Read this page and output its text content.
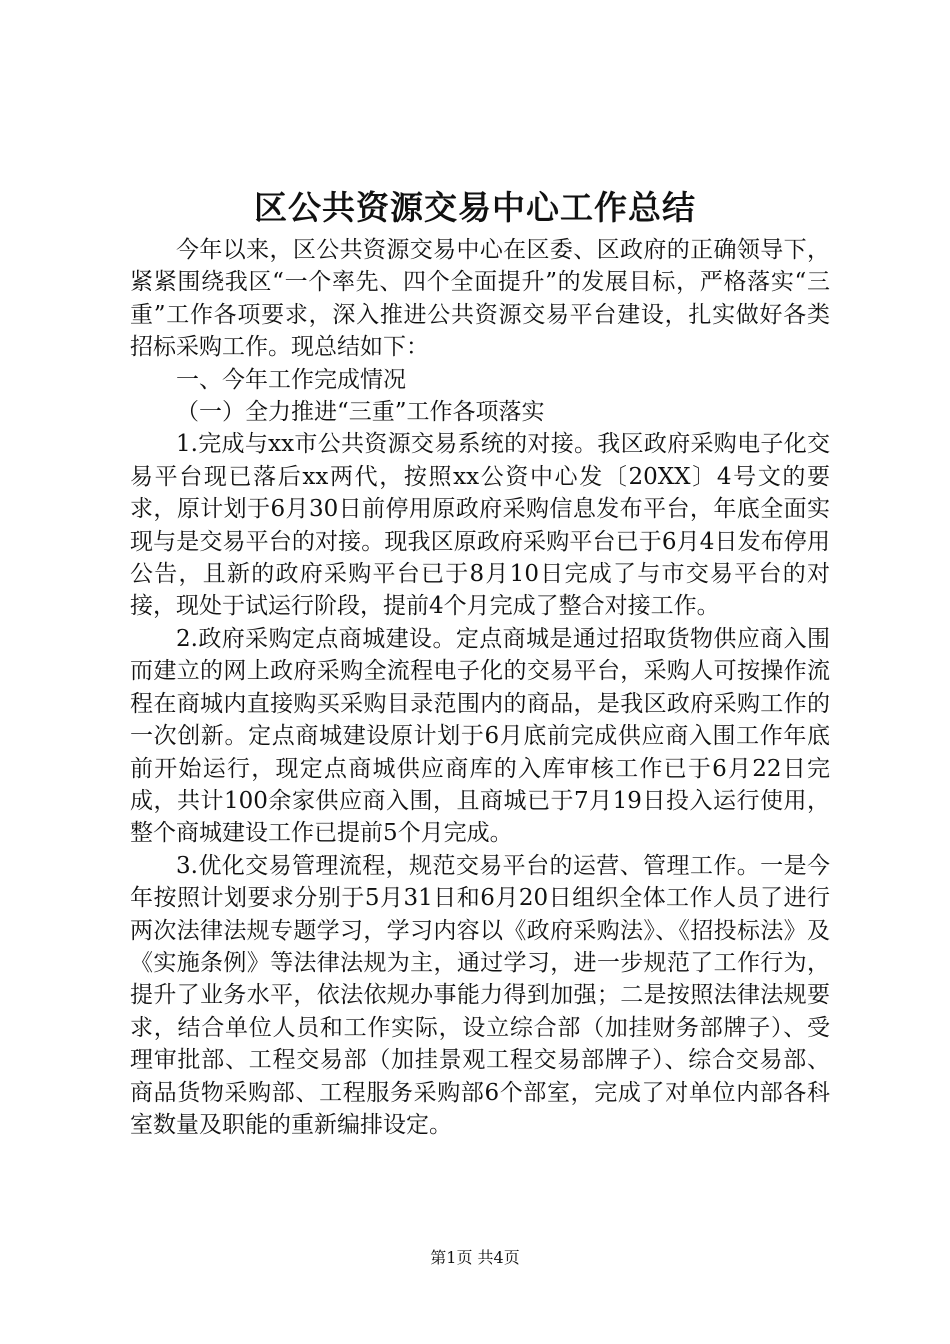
区公共资源交易中心工作总结

今年以来，区公共资源交易中心在区委、区政府的正确领导下，紧紧围绕我区“一个率先、四个全面提升”的发展目标，严格落实“三重”工作各项要求，深入推进公共资源交易平台建设，扎实做好各类招标采购工作。现总结如下：

一、今年工作完成情况

（一）全力推进“三重”工作各项落实

1.完成与xx市公共资源交易系统的对接。我区政府采购电子化交易平台现已落后xx两代，按照xx公资中心发〔20XX〕4号文的要求，原计划于6月30日前停用原政府采购信息发布平台，年底全面实现与是交易平台的对接。现我区原政府采购平台已于6月4日发布停用公告，且新的政府采购平台已于8月10日完成了与市交易平台的对接，现处于试运行阶段，提前4个月完成了整合对接工作。

2.政府采购定点商城建设。定点商城是通过招取货物供应商入围而建立的网上政府采购全流程电子化的交易平台，采购人可按操作流程在商城内直接购买采购目录范围内的商品，是我区政府采购工作的一次创新。定点商城建设原计划于6月底前完成供应商入围工作年底前开始运行，现定点商城供应商库的入库审核工作已于6月22日完成，共计100余家供应商入围，且商城已于7月19日投入运行使用，整个商城建设工作已提前5个月完成。

3.优化交易管理流程，规范交易平台的运营、管理工作。一是今年按照计划要求分别于5月31日和6月20日组织全体工作人员了进行两次法律法规专题学习，学习内容以《政府采购法》、《招投标法》及《实施条例》等法律法规为主，通过学习，进一步规范了工作行为，提升了业务水平，依法依规办事能力得到加强；二是按照法律法规要求，结合单位人员和工作实际，设立综合部（加挂财务部牌子）、受理审批部、工程交易部（加挂景观工程交易部牌子）、综合交易部、商品货物采购部、工程服务采购部6个部室，完成了对单位内部各科室数量及职能的重新编排设定。

第1页 共4页
